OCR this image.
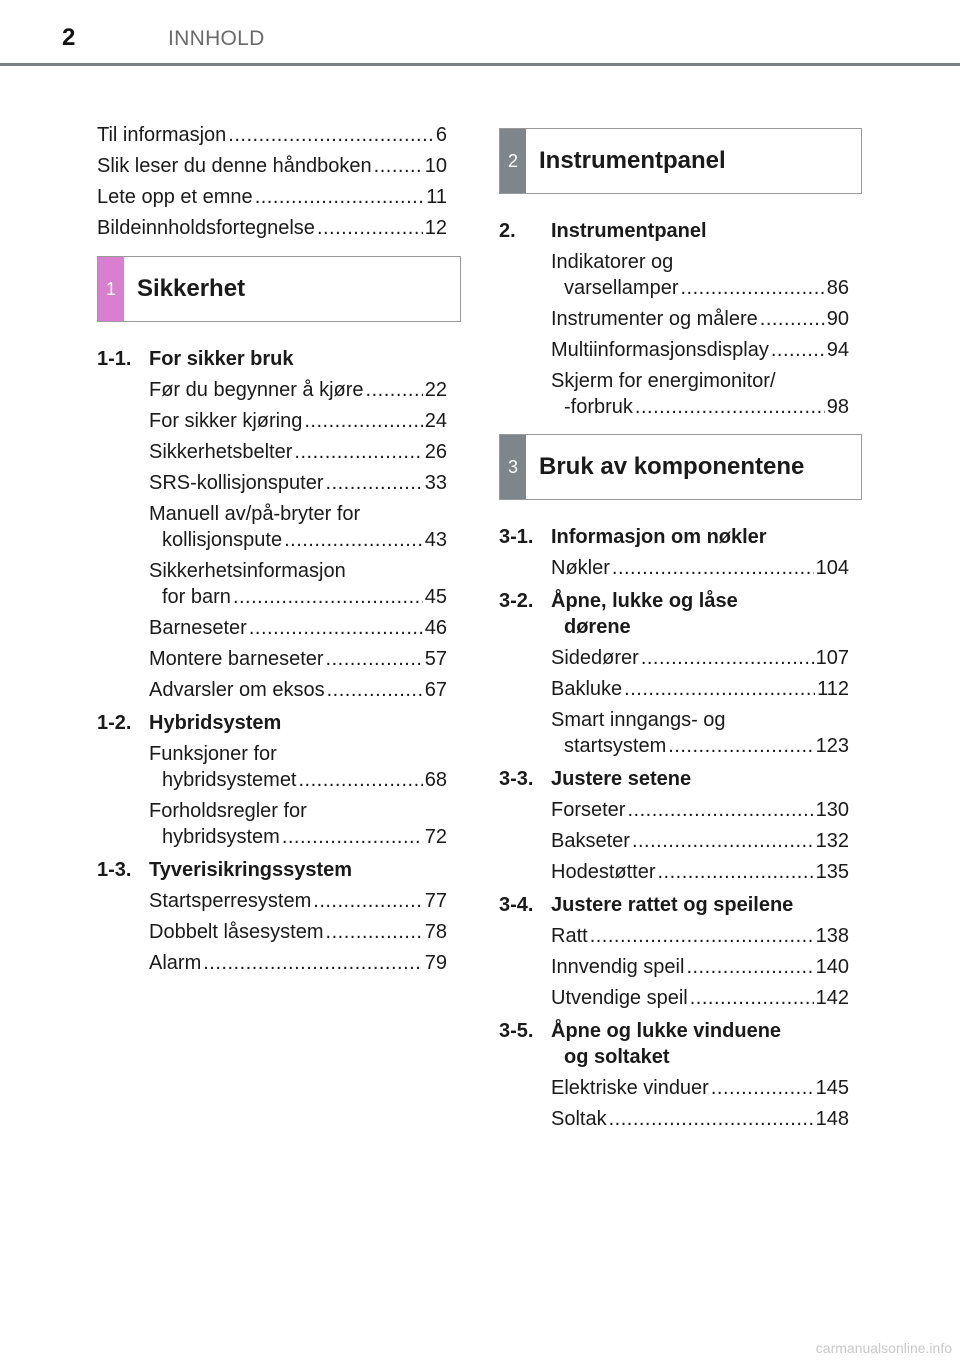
2	INNHOLD
Til informasjon .....	6
Slik leser du denne håndboken .....	10
Lete opp et emne .....	11
Bildeinnholdsfortegnelse .....	12
1 Sikkerhet
1-1. For sikker bruk
Før du begynner å kjøre .....	22
For sikker kjøring .....	24
Sikkerhetsbelter .....	26
SRS-kollisjonsputer .....	33
Manuell av/på-bryter for
kollisjonspute .....	43
Sikkerhetsinformasjon
for barn .....	45
Barneseter .....	46
Montere barneseter .....	57
Advarsler om eksos .....	67
1-2. Hybridsystem
Funksjoner for
hybridsystemet .....	68
Forholdsregler for
hybridsystem .....	72
1-3. Tyverisikringssystem
Startsperresystem .....	77
Dobbelt låsesystem .....	78
Alarm .....	79
2 Instrumentpanel
2. Instrumentpanel
Indikatorer og
varsellamper .....	86
Instrumenter og målere .....	90
Multiinformasjonsdisplay .....	94
Skjerm for energimonitor/
-forbruk .....	98
3 Bruk av komponentene
3-1. Informasjon om nøkler
Nøkler .....	104
3-2. Åpne, lukke og låse
dørene
Sidedører .....	107
Bakluke .....	112
Smart inngangs- og
startsystem .....	123
3-3. Justere setene
Forseter .....	130
Bakseter .....	132
Hodestøtter .....	135
3-4. Justere rattet og speilene
Ratt .....	138
Innvendig speil .....	140
Utvendige speil .....	142
3-5. Åpne og lukke vinduene
og soltaket
Elektriske vinduer .....	145
Soltak .....	148
carmanualsonline.info
